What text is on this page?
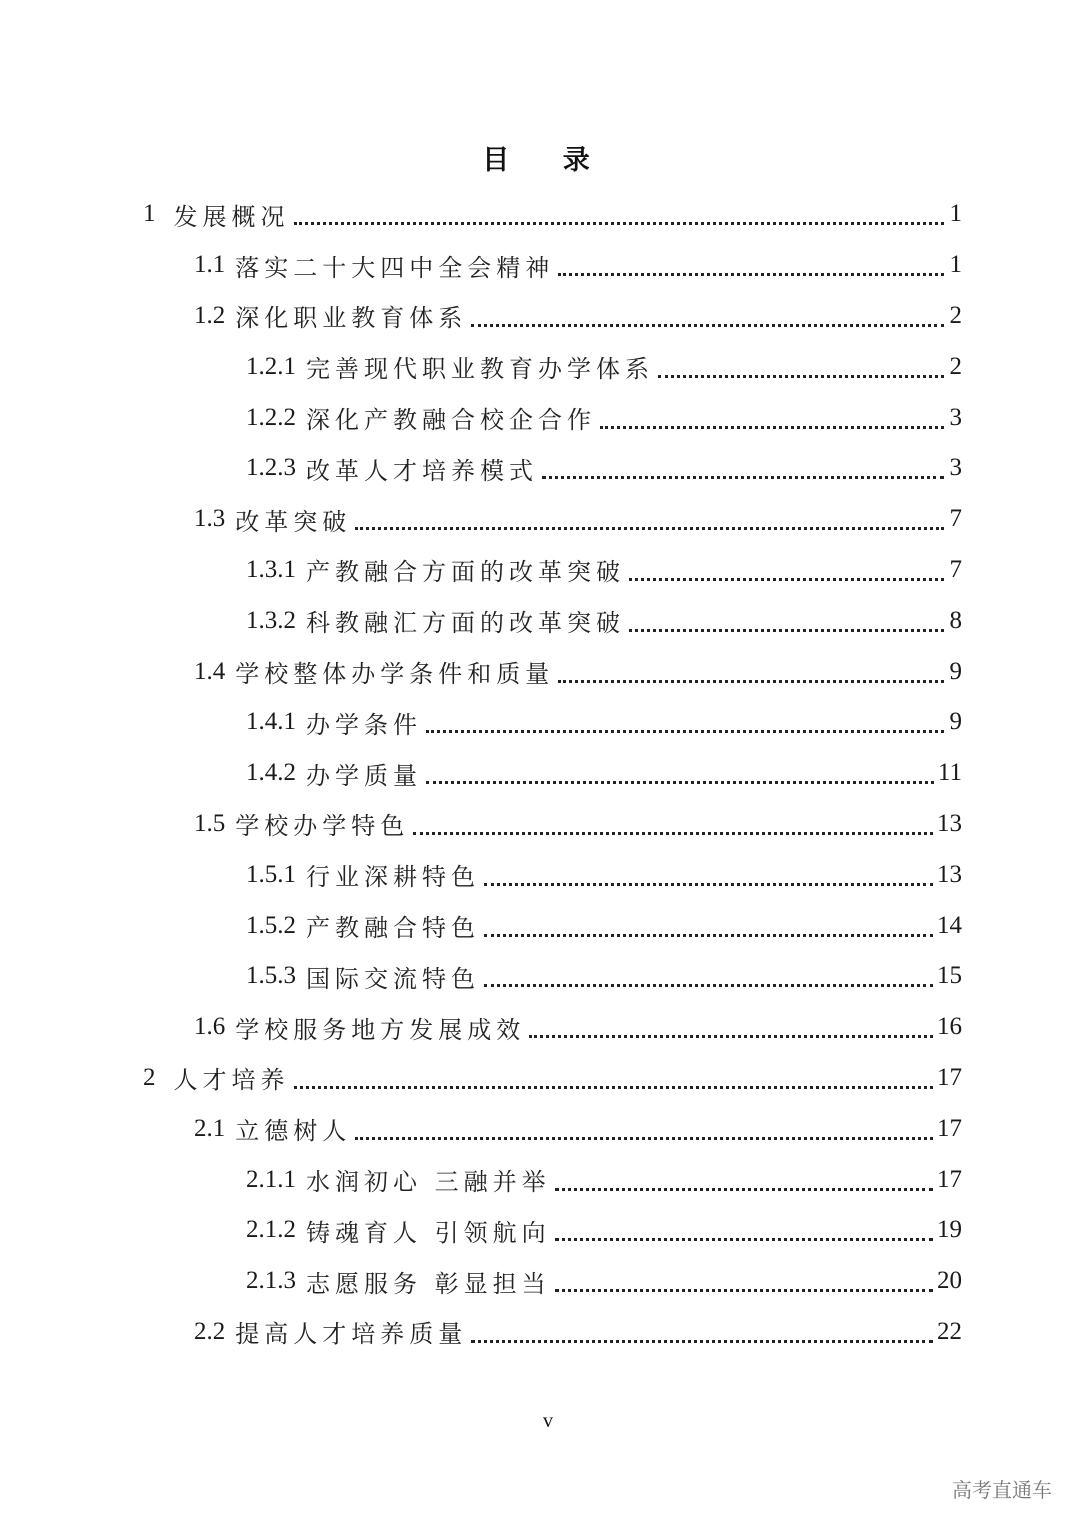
目 录
1 发展概况	1
1.1 落实二十大四中全会精神	1
1.2 深化职业教育体系	2
1.2.1 完善现代职业教育办学体系	2
1.2.2 深化产教融合校企合作	3
1.2.3 改革人才培养模式	3
1.3 改革突破	7
1.3.1 产教融合方面的改革突破	7
1.3.2 科教融汇方面的改革突破	8
1.4 学校整体办学条件和质量	9
1.4.1 办学条件	9
1.4.2 办学质量	11
1.5 学校办学特色	13
1.5.1 行业深耕特色	13
1.5.2 产教融合特色	14
1.5.3 国际交流特色	15
1.6 学校服务地方发展成效	16
2 人才培养	17
2.1 立德树人	17
2.1.1 水润初心 三融并举	17
2.1.2 铸魂育人 引领航向	19
2.1.3 志愿服务 彰显担当	20
2.2 提高人才培养质量	22
v
高考直通车
